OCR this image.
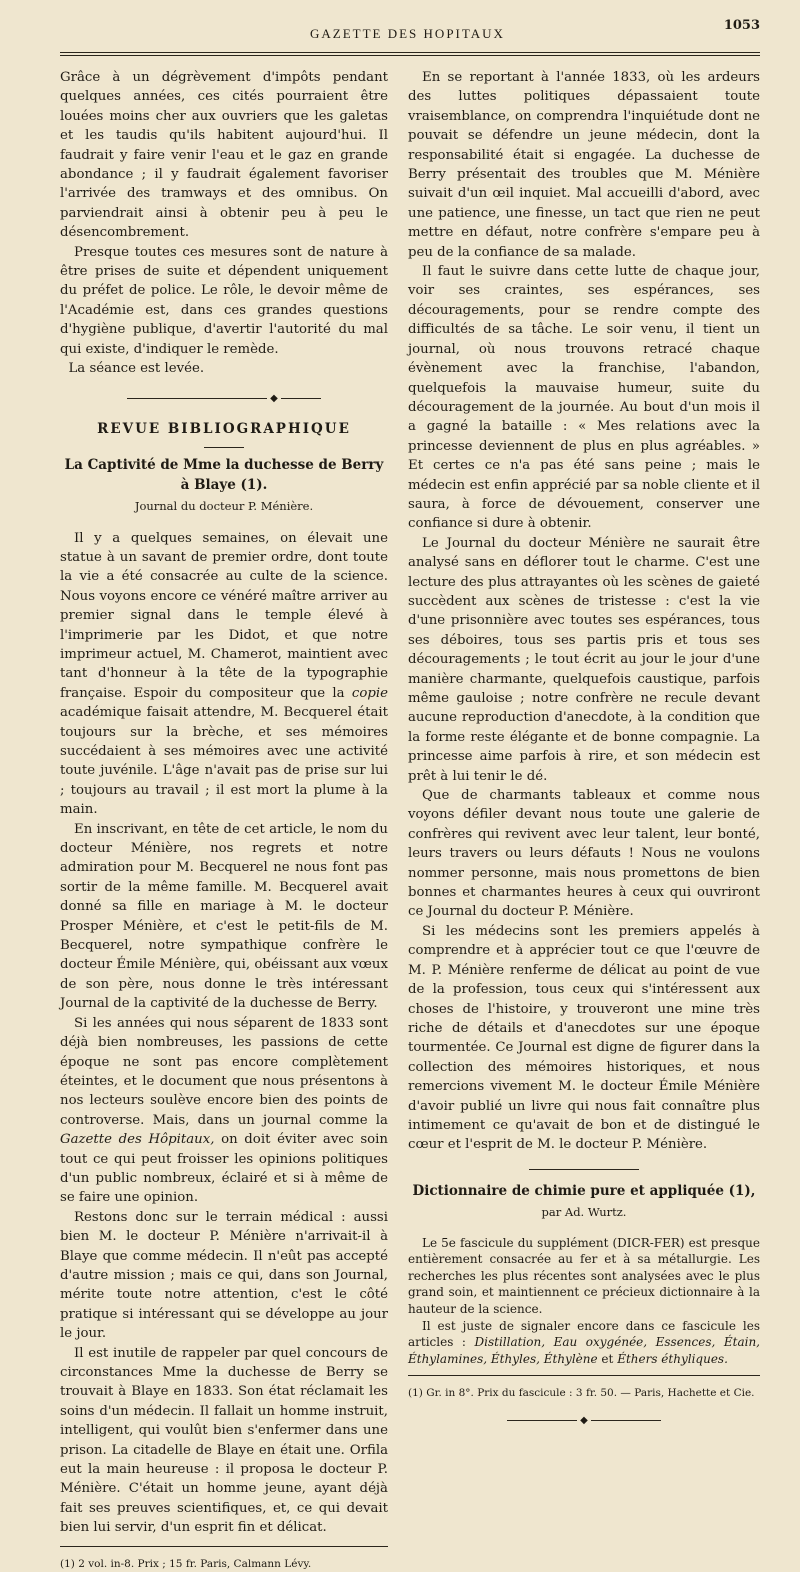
GAZETTE DES HOPITAUX
1053

Grâce à un dégrèvement d'impôts pendant quelques années, ces cités pourraient être louées moins cher aux ouvriers que les galetas et les taudis qu'ils habitent aujourd'hui. Il faudrait y faire venir l'eau et le gaz en grande abondance ; il y faudrait également favoriser l'arrivée des tramways et des omnibus. On parviendrait ainsi à obtenir peu à peu le désencombrement.

Presque toutes ces mesures sont de nature à être prises de suite et dépendent uniquement du préfet de police. Le rôle, le devoir même de l'Académie est, dans ces grandes questions d'hygiène publique, d'avertir l'autorité du mal qui existe, d'indiquer le remède.

La séance est levée.

◆
REVUE BIBLIOGRAPHIQUE
La Captivité de Mme la duchesse de Berry à Blaye (1).
Journal du docteur P. Ménière.

Il y a quelques semaines, on élevait une statue à un savant de premier ordre, dont toute la vie a été consacrée au culte de la science. Nous voyons encore ce vénéré maître arriver au premier signal dans le temple élevé à l'imprimerie par les Didot, et que notre imprimeur actuel, M. Chamerot, maintient avec tant d'honneur à la tête de la typographie française. Espoir du compositeur que la copie académique faisait attendre, M. Becquerel était toujours sur la brèche, et ses mémoires succédaient à ses mémoires avec une activité toute juvénile. L'âge n'avait pas de prise sur lui ; toujours au travail ; il est mort la plume à la main.

En inscrivant, en tête de cet article, le nom du docteur Ménière, nos regrets et notre admiration pour M. Becquerel ne nous font pas sortir de la même famille. M. Becquerel avait donné sa fille en mariage à M. le docteur Prosper Ménière, et c'est le petit-fils de M. Becquerel, notre sympathique confrère le docteur Émile Ménière, qui, obéissant aux vœux de son père, nous donne le très intéressant Journal de la captivité de la duchesse de Berry.

Si les années qui nous séparent de 1833 sont déjà bien nombreuses, les passions de cette époque ne sont pas encore complètement éteintes, et le document que nous présentons à nos lecteurs soulève encore bien des points de controverse. Mais, dans un journal comme la Gazette des Hôpitaux, on doit éviter avec soin tout ce qui peut froisser les opinions politiques d'un public nombreux, éclairé et si à même de se faire une opinion.

Restons donc sur le terrain médical : aussi bien M. le docteur P. Ménière n'arrivait-il à Blaye que comme médecin. Il n'eût pas accepté d'autre mission ; mais ce qui, dans son Journal, mérite toute notre attention, c'est le côté pratique si intéressant qui se développe au jour le jour.

Il est inutile de rappeler par quel concours de circonstances Mme la duchesse de Berry se trouvait à Blaye en 1833. Son état réclamait les soins d'un médecin. Il fallait un homme instruit, intelligent, qui voulût bien s'enfermer dans une prison. La citadelle de Blaye en était une. Orfila eut la main heureuse : il proposa le docteur P. Ménière. C'était un homme jeune, ayant déjà fait ses preuves scientifiques, et, ce qui devait bien lui servir, d'un esprit fin et délicat.

(1) 2 vol. in-8. Prix ; 15 fr. Paris, Calmann Lévy.

En se reportant à l'année 1833, où les ardeurs des luttes politiques dépassaient toute vraisemblance, on comprendra l'inquiétude dont ne pouvait se défendre un jeune médecin, dont la responsabilité était si engagée. La duchesse de Berry présentait des troubles que M. Ménière suivait d'un œil inquiet. Mal accueilli d'abord, avec une patience, une finesse, un tact que rien ne peut mettre en défaut, notre confrère s'empare peu à peu de la confiance de sa malade.

Il faut le suivre dans cette lutte de chaque jour, voir ses craintes, ses espérances, ses découragements, pour se rendre compte des difficultés de sa tâche. Le soir venu, il tient un journal, où nous trouvons retracé chaque évènement avec la franchise, l'abandon, quelquefois la mauvaise humeur, suite du découragement de la journée. Au bout d'un mois il a gagné la bataille : « Mes relations avec la princesse deviennent de plus en plus agréables. » Et certes ce n'a pas été sans peine ; mais le médecin est enfin apprécié par sa noble cliente et il saura, à force de dévouement, conserver une confiance si dure à obtenir.

Le Journal du docteur Ménière ne saurait être analysé sans en déflorer tout le charme. C'est une lecture des plus attrayantes où les scènes de gaieté succèdent aux scènes de tristesse : c'est la vie d'une prisonnière avec toutes ses espérances, tous ses déboires, tous ses partis pris et tous ses découragements ; le tout écrit au jour le jour d'une manière charmante, quelquefois caustique, parfois même gauloise ; notre confrère ne recule devant aucune reproduction d'anecdote, à la condition que la forme reste élégante et de bonne compagnie. La princesse aime parfois à rire, et son médecin est prêt à lui tenir le dé.

Que de charmants tableaux et comme nous voyons défiler devant nous toute une galerie de confrères qui revivent avec leur talent, leur bonté, leurs travers ou leurs défauts ! Nous ne voulons nommer personne, mais nous promettons de bien bonnes et charmantes heures à ceux qui ouvriront ce Journal du docteur P. Ménière.

Si les médecins sont les premiers appelés à comprendre et à apprécier tout ce que l'œuvre de M. P. Ménière renferme de délicat au point de vue de la profession, tous ceux qui s'intéressent aux choses de l'histoire, y trouveront une mine très riche de détails et d'anecdotes sur une époque tourmentée. Ce Journal est digne de figurer dans la collection des mémoires historiques, et nous remercions vivement M. le docteur Émile Ménière d'avoir publié un livre qui nous fait connaître plus intimement ce qu'avait de bon et de distingué le cœur et l'esprit de M. le docteur P. Ménière.

Dictionnaire de chimie pure et appliquée (1),
par Ad. Wurtz.

Le 5e fascicule du supplément (DICR-FER) est presque entièrement consacrée au fer et à sa métallurgie. Les recherches les plus récentes sont analysées avec le plus grand soin, et maintiennent ce précieux dictionnaire à la hauteur de la science.

Il est juste de signaler encore dans ce fascicule les articles : Distillation, Eau oxygénée, Essences, Étain, Éthylamines, Éthyles, Éthylène et Éthers éthyliques.

(1) Gr. in 8°. Prix du fascicule : 3 fr. 50. — Paris, Hachette et Cie.
◆
